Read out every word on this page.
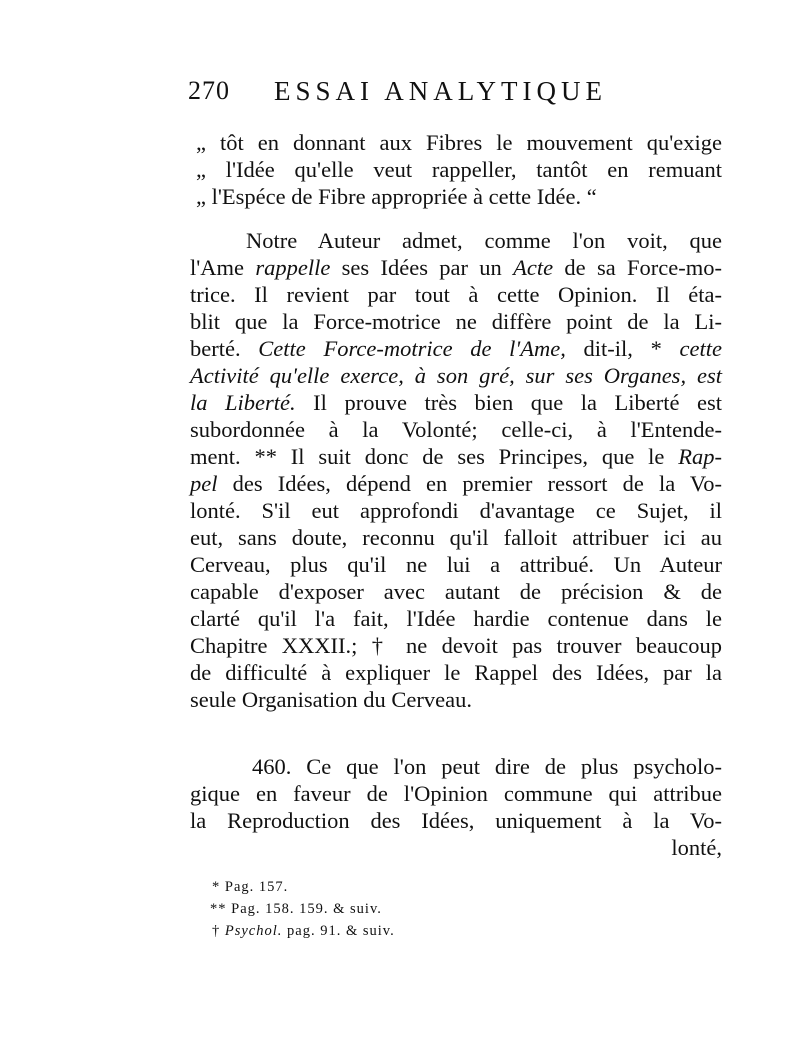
270 ESSAI ANALYTIQUE
„ tôt en donnant aux Fibres le mouvement qu'exige
„ l'Idée qu'elle veut rappeller, tantôt en remuant
„ l'Espéce de Fibre appropriée à cette Idée. “
Notre Auteur admet, comme l'on voit, que
l'Ame rappelle ses Idées par un Acte de sa Force-mo-
trice. Il revient par tout à cette Opinion. Il éta-
blit que la Force-motrice ne diffère point de la Li-
berté. Cette Force-motrice de l'Ame, dit-il, * cette
Activité qu'elle exerce, à son gré, sur ses Organes, est
la Liberté. Il prouve très bien que la Liberté est
subordonnée à la Volonté; celle-ci, à l'Entende-
ment. ** Il suit donc de ses Principes, que le Rap-
pel des Idées, dépend en premier ressort de la Vo-
lonté. S'il eut approfondi d'avantage ce Sujet, il
eut, sans doute, reconnu qu'il falloit attribuer ici au
Cerveau, plus qu'il ne lui a attribué. Un Auteur
capable d'exposer avec autant de précision & de
clarté qu'il l'a fait, l'Idée hardie contenue dans le
Chapitre XXXII.; † ne devoit pas trouver beaucoup
de difficulté à expliquer le Rappel des Idées, par la
seule Organisation du Cerveau.
460. Ce que l'on peut dire de plus psycholo-
gique en faveur de l'Opinion commune qui attribue
la Reproduction des Idées, uniquement à la Vo-
lonté,
* Pag. 157.
** Pag. 158. 159. & suiv.
† Psychol. pag. 91. & suiv.
